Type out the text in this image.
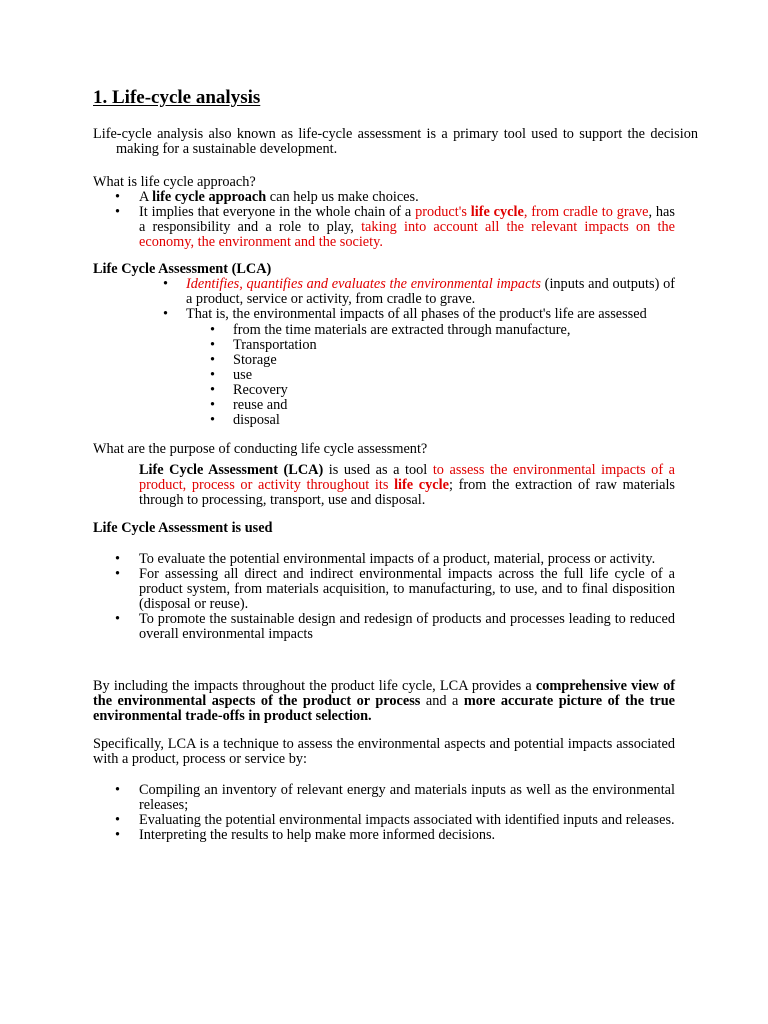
1. Life-cycle analysis

Life-cycle analysis also known as life-cycle assessment is a primary tool used to support the decision making for a sustainable development.

What is life cycle approach?

• A life cycle approach can help us make choices.
• It implies that everyone in the whole chain of a product's life cycle, from cradle to grave, has a responsibility and a role to play, taking into account all the relevant impacts on the economy, the environment and the society.

Life Cycle Assessment (LCA)

• Identifies, quantifies and evaluates the environmental impacts (inputs and outputs) of a product, service or activity, from cradle to grave.
• That is, the environmental impacts of all phases of the product's life are assessed
• from the time materials are extracted through manufacture,
• Transportation
• Storage
• use
• Recovery
• reuse and
• disposal

What are the purpose of conducting life cycle assessment?

Life Cycle Assessment (LCA) is used as a tool to assess the environmental impacts of a product, process or activity throughout its life cycle; from the extraction of raw materials through to processing, transport, use and disposal.

Life Cycle Assessment is used

• To evaluate the potential environmental impacts of a product, material, process or activity.
• For assessing all direct and indirect environmental impacts across the full life cycle of a product system, from materials acquisition, to manufacturing, to use, and to final disposition (disposal or reuse).
• To promote the sustainable design and redesign of products and processes leading to reduced overall environmental impacts

By including the impacts throughout the product life cycle, LCA provides a comprehensive view of the environmental aspects of the product or process and a more accurate picture of the true environmental trade-offs in product selection.

Specifically, LCA is a technique to assess the environmental aspects and potential impacts associated with a product, process or service by:

• Compiling an inventory of relevant energy and materials inputs as well as the environmental releases;
• Evaluating the potential environmental impacts associated with identified inputs and releases.
• Interpreting the results to help make more informed decisions.
